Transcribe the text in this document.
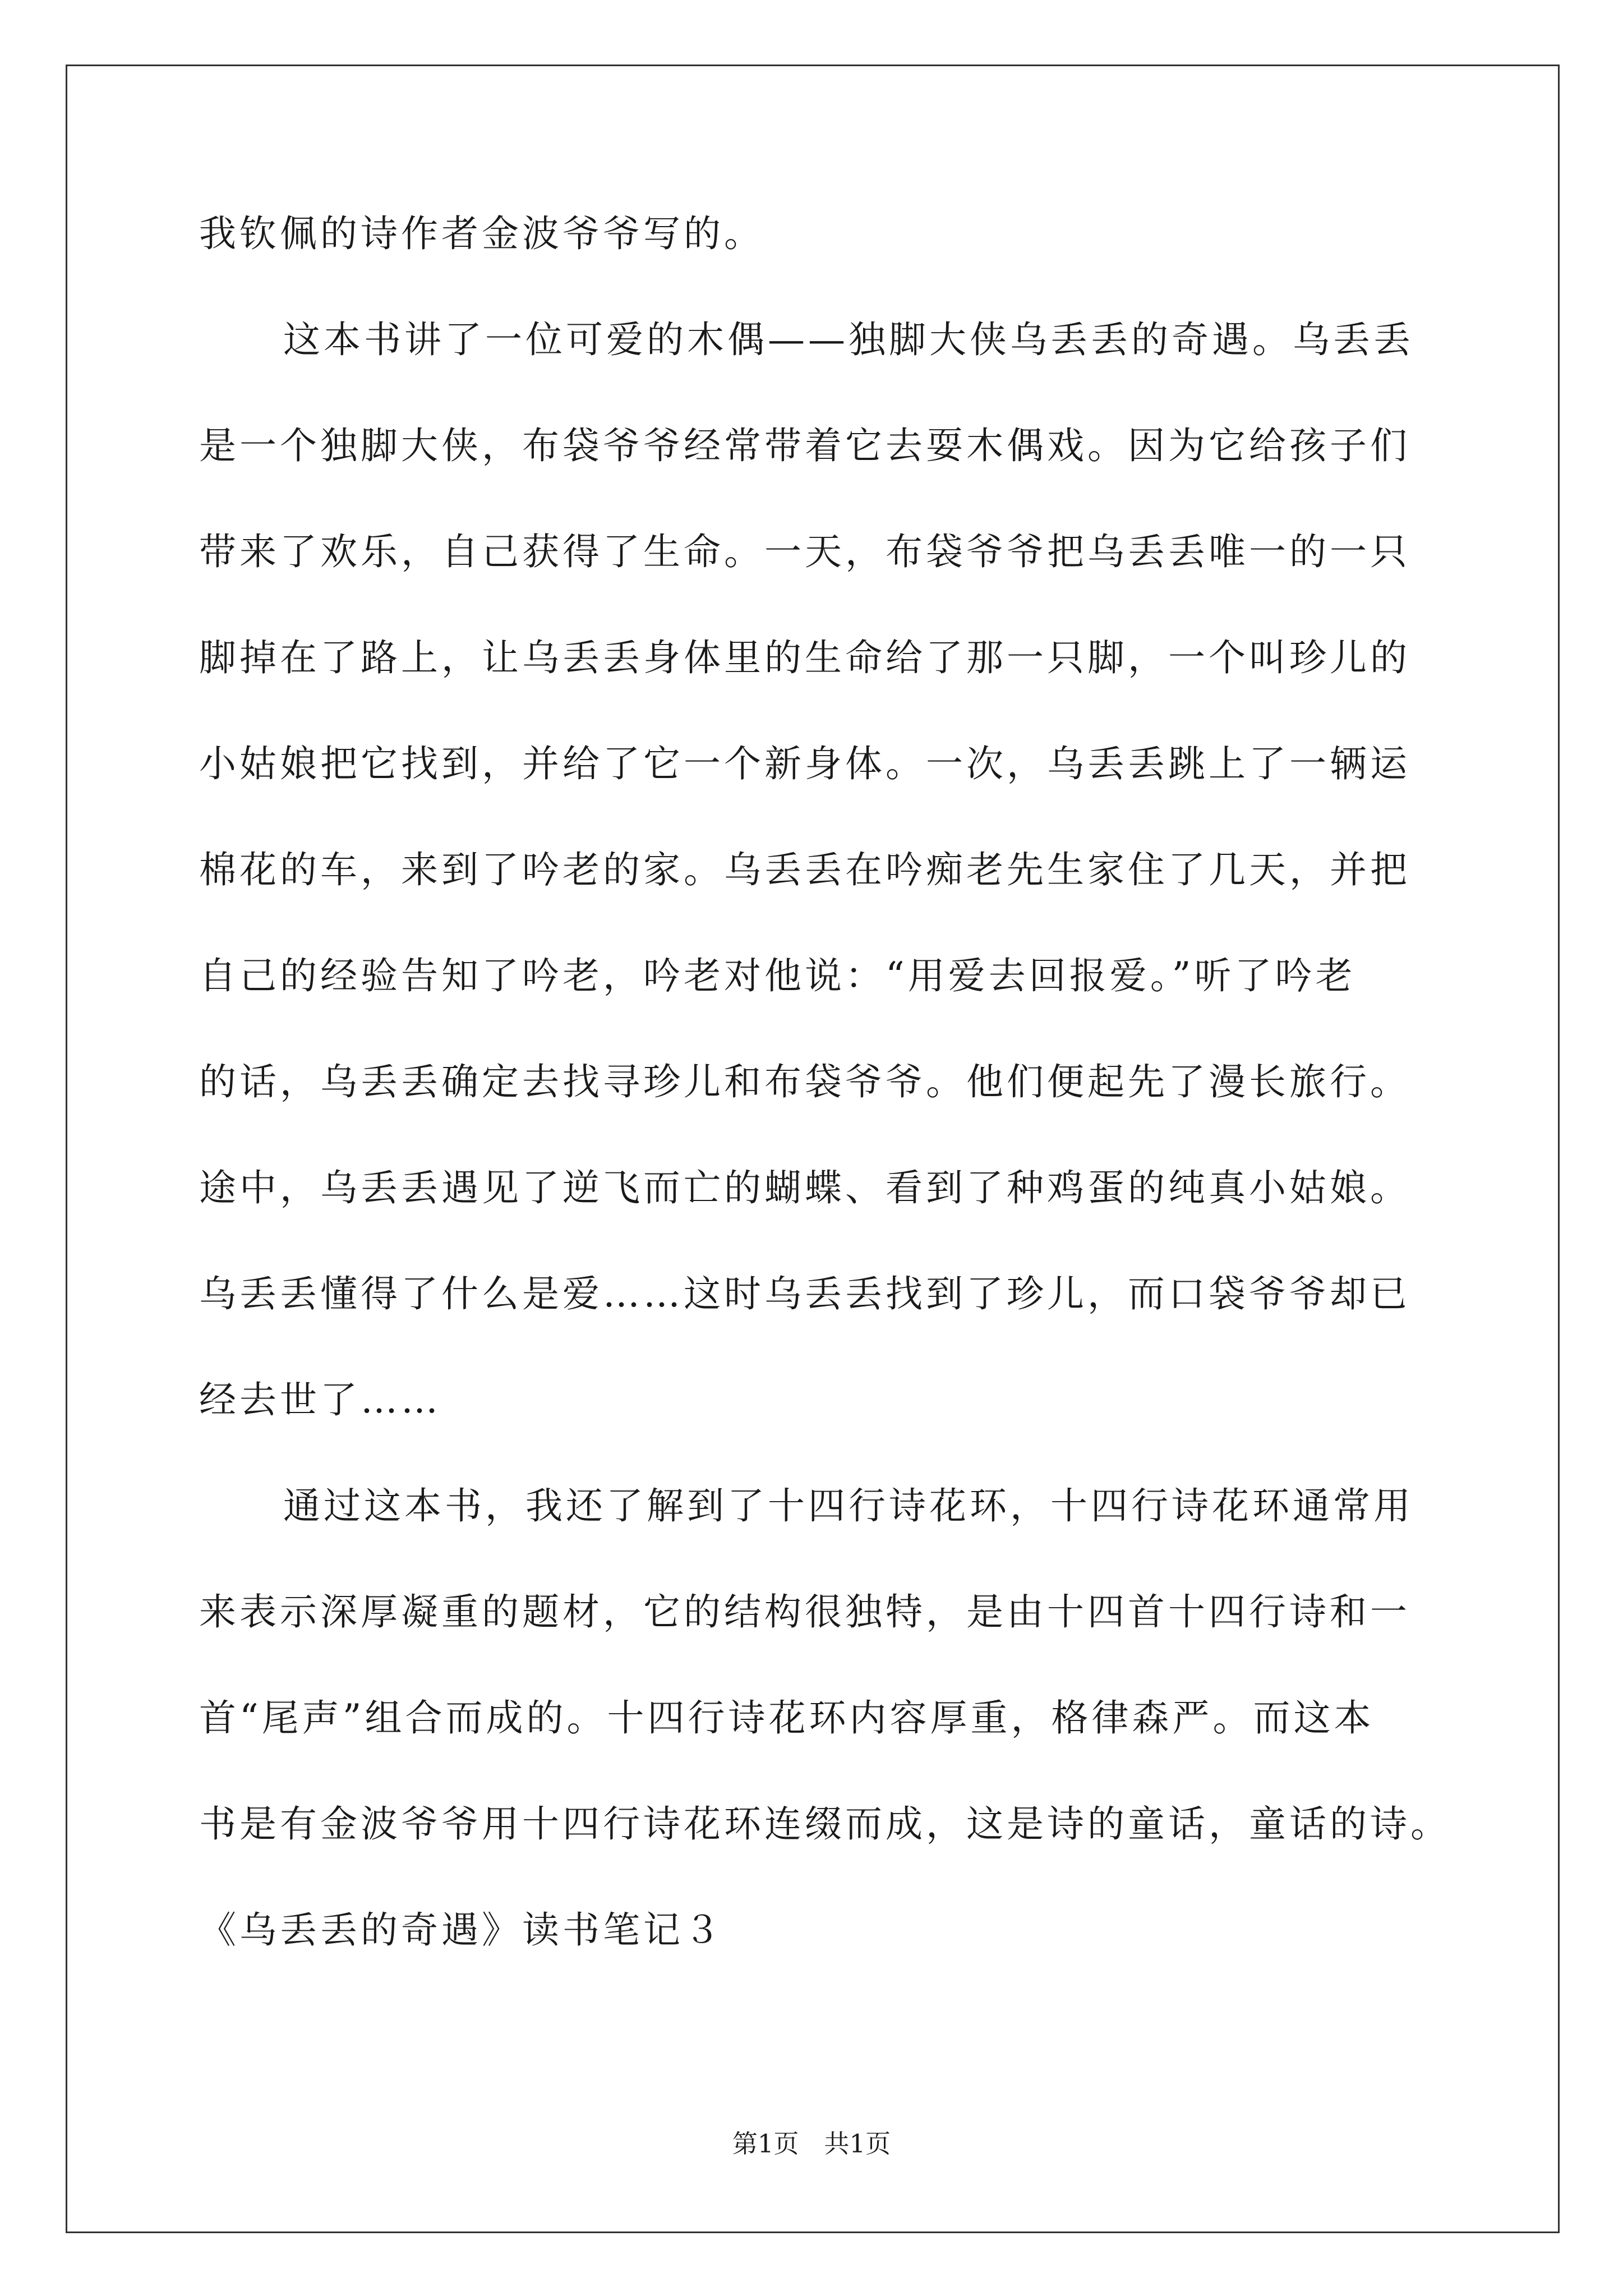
我钦佩的诗作者金波爷爷写的。
这本书讲了一位可爱的木偶——独脚大侠乌丢丢的奇遇。乌丢丢
是一个独脚大侠，布袋爷爷经常带着它去耍木偶戏。因为它给孩子们
带来了欢乐，自己获得了生命。一天，布袋爷爷把乌丢丢唯一的一只
脚掉在了路上，让乌丢丢身体里的生命给了那一只脚，一个叫珍儿的
小姑娘把它找到，并给了它一个新身体。一次，乌丢丢跳上了一辆运
棉花的车，来到了吟老的家。乌丢丢在吟痴老先生家住了几天，并把
自己的经验告知了吟老，吟老对他说：“用爱去回报爱。”听了吟老
的话，乌丢丢确定去找寻珍儿和布袋爷爷。他们便起先了漫长旅行。
途中，乌丢丢遇见了逆飞而亡的蝴蝶、看到了种鸡蛋的纯真小姑娘。
乌丢丢懂得了什么是爱……这时乌丢丢找到了珍儿，而口袋爷爷却已
经去世了……
通过这本书，我还了解到了十四行诗花环，十四行诗花环通常用
来表示深厚凝重的题材，它的结构很独特，是由十四首十四行诗和一
首“尾声”组合而成的。十四行诗花环内容厚重，格律森严。而这本
书是有金波爷爷用十四行诗花环连缀而成，这是诗的童话，童话的诗。
《乌丢丢的奇遇》读书笔记３
第1页　共1页
